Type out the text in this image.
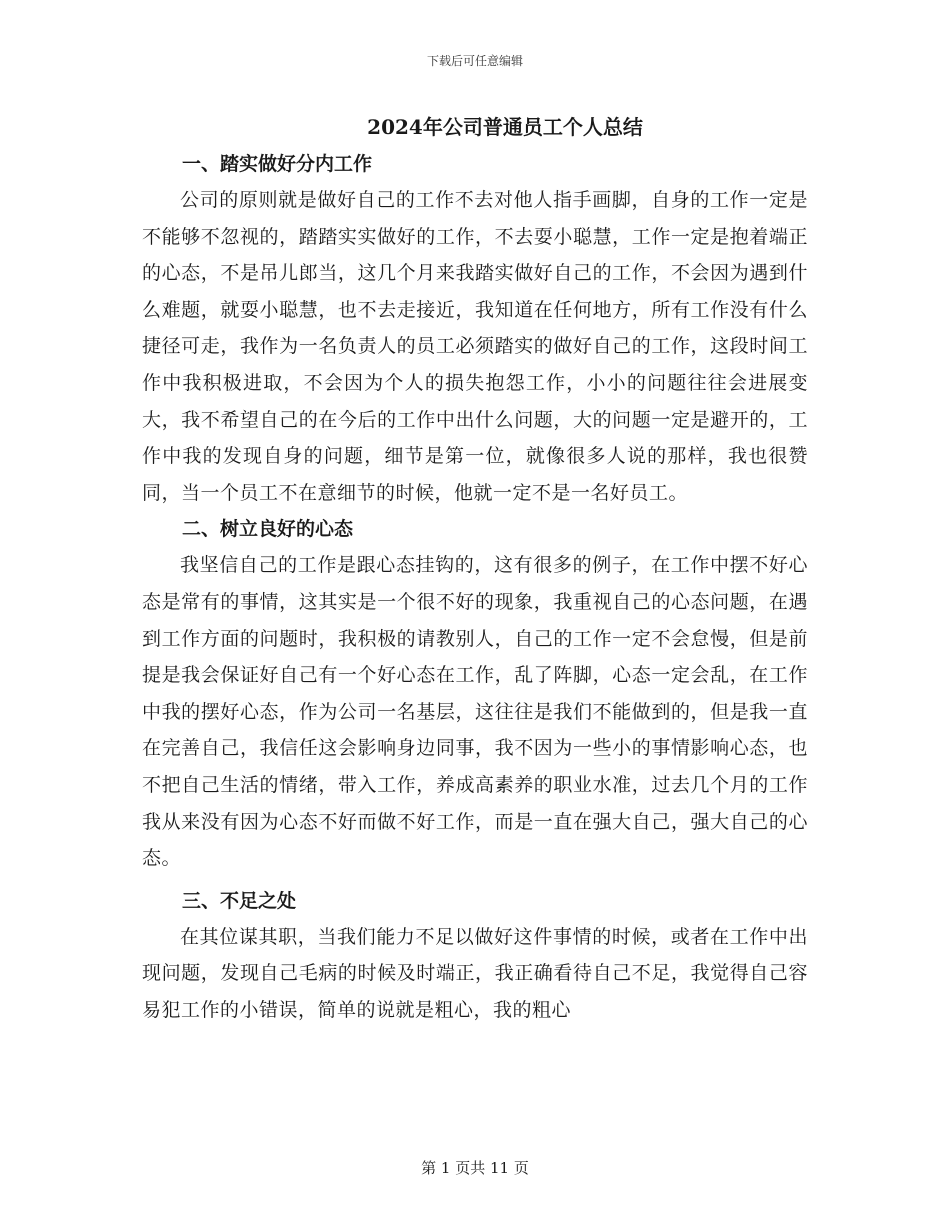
下载后可任意编辑
2024年公司普通员工个人总结
一、踏实做好分内工作

公司的原则就是做好自己的工作不去对他人指手画脚，自身的工作一定是不能够不忽视的，踏踏实实做好的工作，不去耍小聪慧，工作一定是抱着端正的心态，不是吊儿郎当，这几个月来我踏实做好自己的工作，不会因为遇到什么难题，就耍小聪慧，也不去走接近，我知道在任何地方，所有工作没有什么捷径可走，我作为一名负责人的员工必须踏实的做好自己的工作，这段时间工作中我积极进取，不会因为个人的损失抱怨工作，小小的问题往往会进展变大，我不希望自己的在今后的工作中出什么问题，大的问题一定是避开的，工作中我的发现自身的问题，细节是第一位，就像很多人说的那样，我也很赞同，当一个员工不在意细节的时候，他就一定不是一名好员工。

二、树立良好的心态

我坚信自己的工作是跟心态挂钩的，这有很多的例子，在工作中摆不好心态是常有的事情，这其实是一个很不好的现象，我重视自己的心态问题，在遇到工作方面的问题时，我积极的请教别人，自己的工作一定不会怠慢，但是前提是我会保证好自己有一个好心态在工作，乱了阵脚，心态一定会乱，在工作中我的摆好心态，作为公司一名基层，这往往是我们不能做到的，但是我一直在完善自己，我信任这会影响身边同事，我不因为一些小的事情影响心态，也不把自己生活的情绪，带入工作，养成高素养的职业水准，过去几个月的工作我从来没有因为心态不好而做不好工作，而是一直在强大自己，强大自己的心态。

三、不足之处

在其位谋其职，当我们能力不足以做好这件事情的时候，或者在工作中出现问题，发现自己毛病的时候及时端正，我正确看待自己不足，我觉得自己容易犯工作的小错误，简单的说就是粗心，我的粗心

第 1 页共 11 页
